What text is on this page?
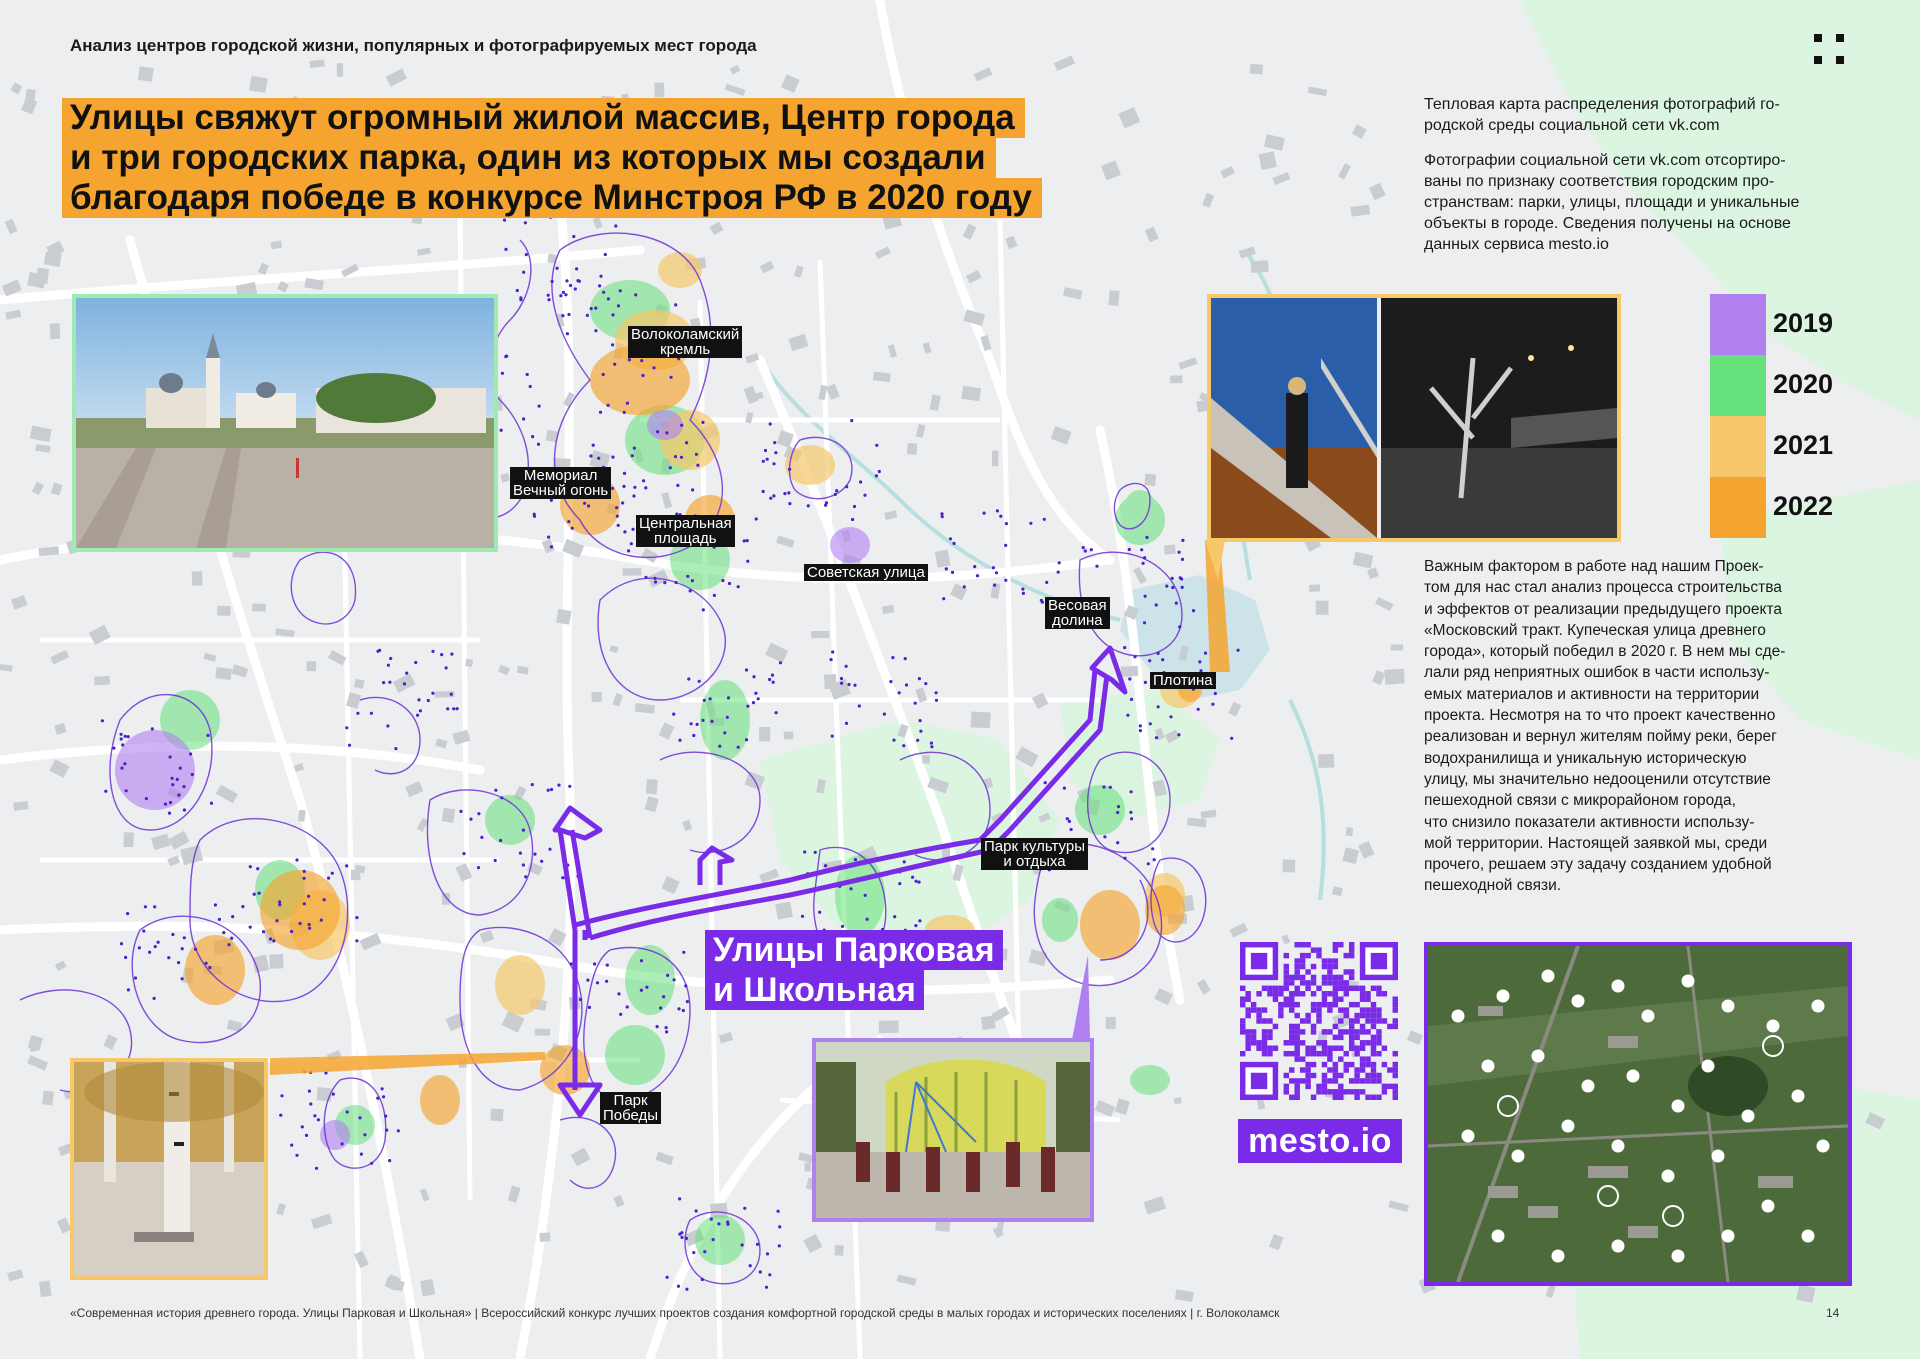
Анализ центров городской жизни, популярных и фотографируемых мест города
Улицы свяжут огромный жилой массив, Центр города
и три городских парка, один из которых мы создали
благодаря победе в конкурсе Минстроя РФ в 2020 году
Тепловая карта распределения фотографий го-
родской среды социальной сети vk.com
Фотографии социальной сети vk.com отсортиро-
ваны по признаку соответствия городским про-
странствам: парки, улицы, площади и уникальные
объекты в городе. Сведения получены на основе
данных сервиса mesto.io
Важным фактором в работе над нашим Проек-
том для нас стал анализ процесса строительства
и эффектов от реализации предыдущего проекта
«Московский тракт. Купеческая улица древнего
города», который победил в 2020 г. В нем мы сде-
лали ряд неприятных ошибок в части использу-
емых материалов и активности на территории
проекта. Несмотря на то что проект качественно
реализован и вернул жителям пойму реки, берег
водохранилища и уникальную историческую
улицу, мы значительно недооценили отсутствие
пешеходной связи с микрорайоном города,
что снизило показатели активности использу-
мой территории. Настоящей заявкой мы, среди
прочего, решаем эту задачу созданием удобной
пешеходной связи.
2019
2020
2021
2022
Волоколамский
кремль
Мемориал
Вечный огонь
Центральная
площадь
Советская улица
Весовая
долина
Плотина
Парк культуры
и отдыха
Парк
Победы
Улицы Парковая
и Школьная
mesto.io
«Современная история древнего города. Улицы Парковая и Школьная» | Всероссийский конкурс лучших проектов создания комфортной городской среды в малых городах и исторических поселениях | г. Волоколамск	14
